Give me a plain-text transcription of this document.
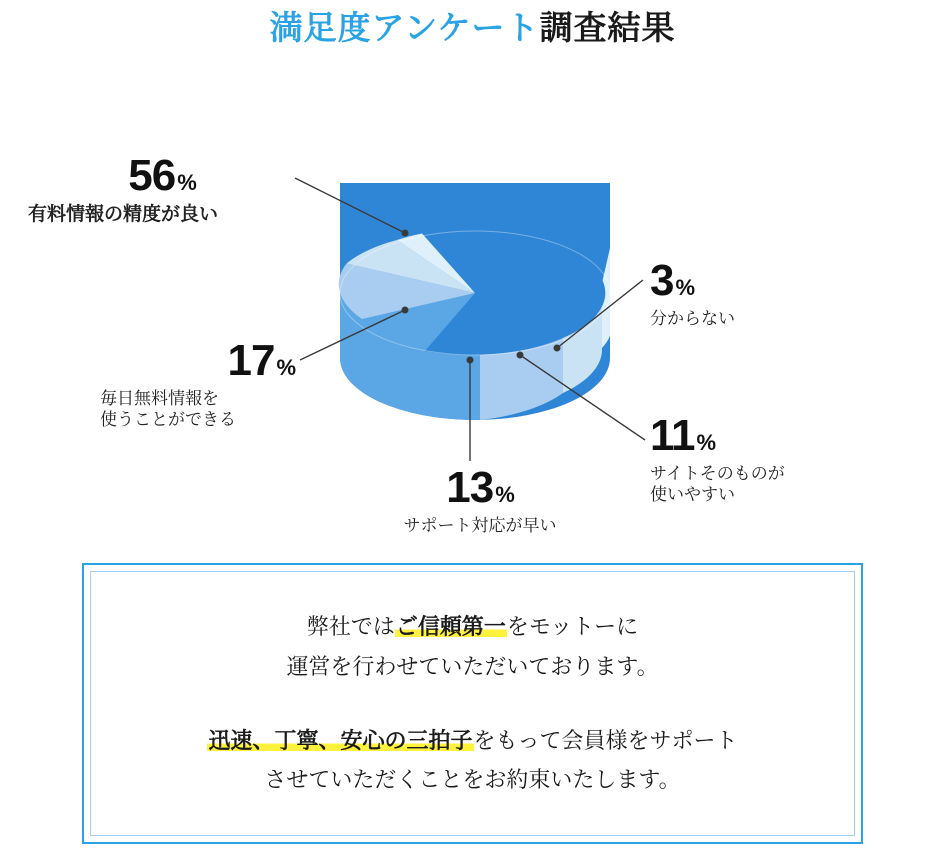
満足度アンケート調査結果
56%
有料情報の精度が良い
17%
毎日無料情報を
使うことができる
13%
サポート対応が早い
3%
分からない
11%
サイトそのものが
使いやすい
弊社ではご信頼第一をモットーに
運営を行わせていただいております。
迅速、丁寧、安心の三拍子をもって会員様をサポート
させていただくことをお約束いたします。
